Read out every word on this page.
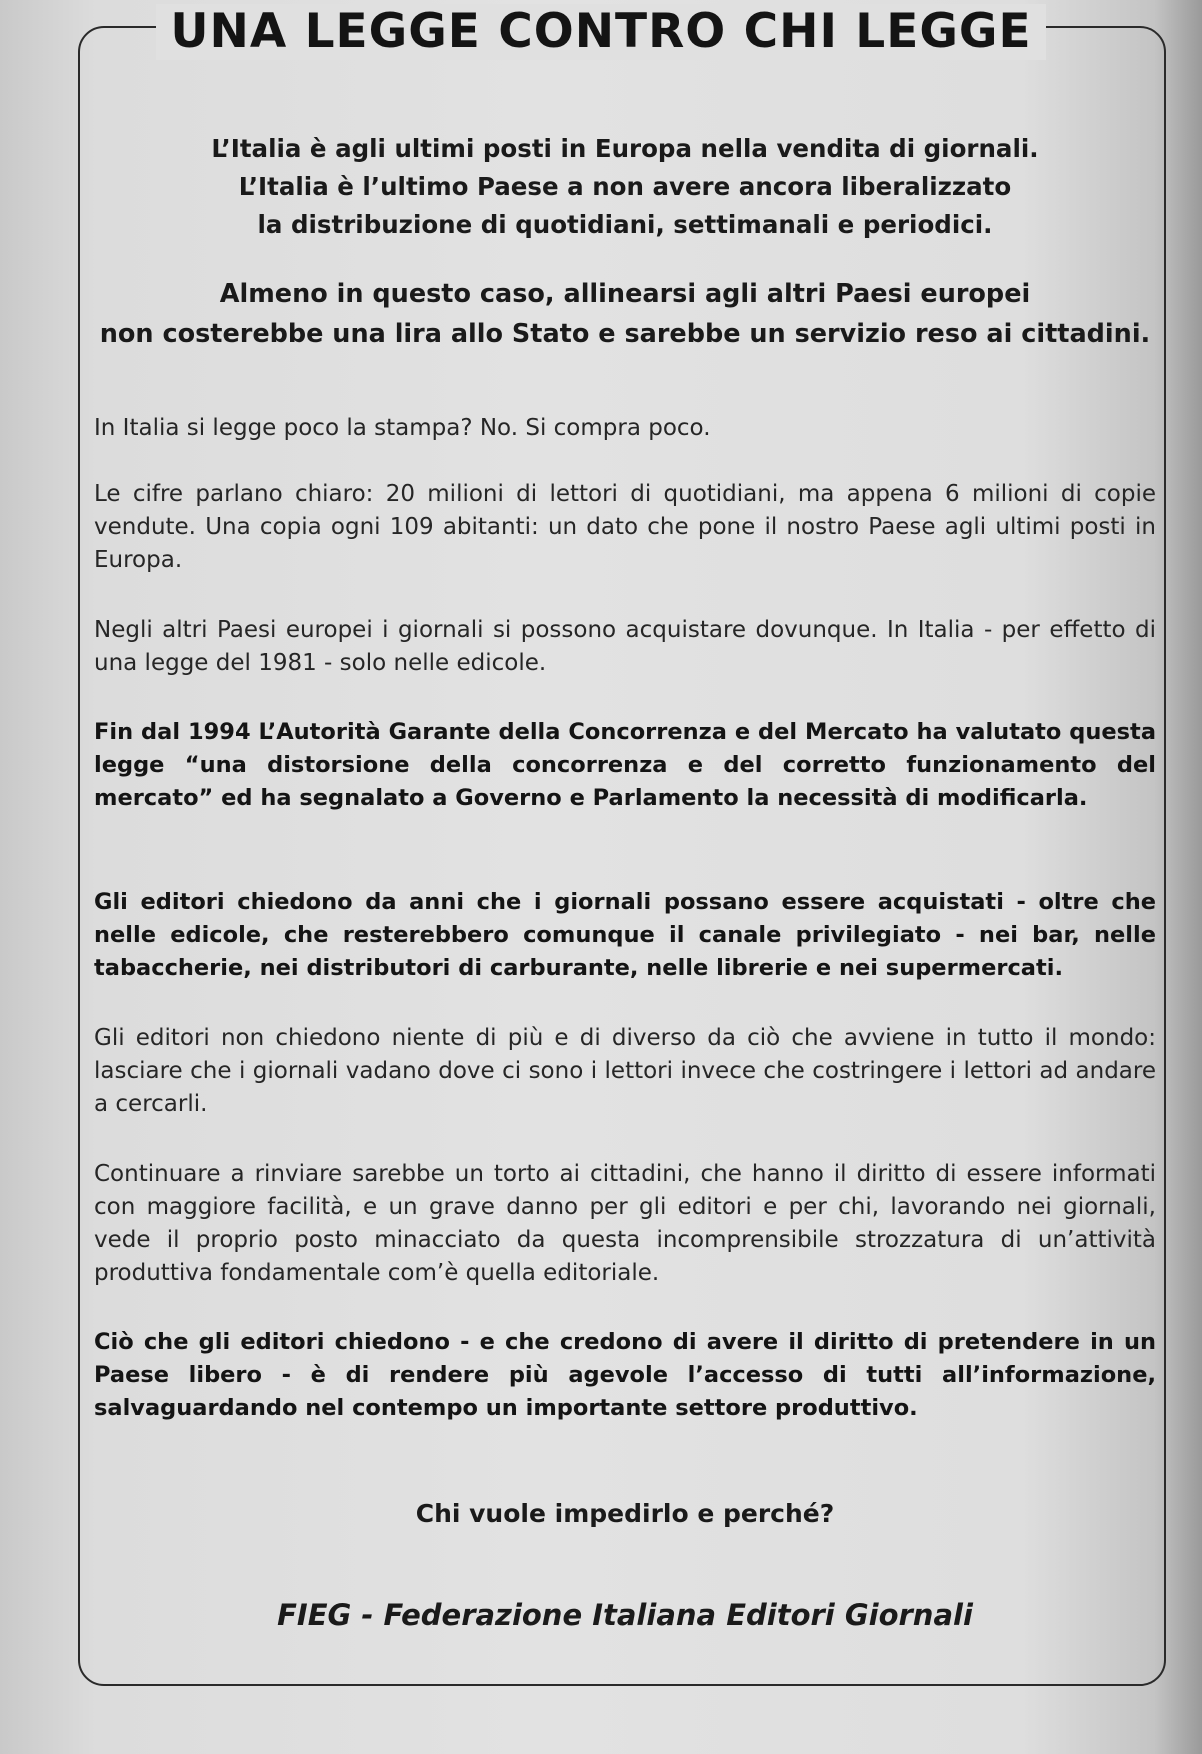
UNA LEGGE CONTRO CHI LEGGE

L’Italia è agli ultimi posti in Europa nella vendita di giornali.

L’Italia è l’ultimo Paese a non avere ancora liberalizzato

la distribuzione di quotidiani, settimanali e periodici.

Almeno in questo caso, allinearsi agli altri Paesi europei

non costerebbe una lira allo Stato e sarebbe un servizio reso ai cittadini.

In Italia si legge poco la stampa? No. Si compra poco.

Le cifre parlano chiaro: 20 milioni di lettori di quotidiani, ma appena 6 milioni di copie vendute. Una copia ogni 109 abitanti: un dato che pone il nostro Paese agli ultimi posti in Europa.

Negli altri Paesi europei i giornali si possono acquistare dovunque. In Italia - per effetto di una legge del 1981 - solo nelle edicole.

Fin dal 1994 L’Autorità Garante della Concorrenza e del Mercato ha valutato questa legge “una distorsione della concorrenza e del corretto funzionamento del mercato” ed ha segnalato a Governo e Parlamento la necessità di modificarla.

Gli editori chiedono da anni che i giornali possano essere acquistati - oltre che nelle edicole, che resterebbero comunque il canale privilegiato - nei bar, nelle tabaccherie, nei distributori di carburante, nelle librerie e nei supermercati.

Gli editori non chiedono niente di più e di diverso da ciò che avviene in tutto il mondo: lasciare che i giornali vadano dove ci sono i lettori invece che costringere i lettori ad andare a cercarli.

Continuare a rinviare sarebbe un torto ai cittadini, che hanno il diritto di essere informati con maggiore facilità, e un grave danno per gli editori e per chi, lavorando nei giornali, vede il proprio posto minacciato da questa incomprensibile strozzatura di un’attività produttiva fondamentale com’è quella editoriale.

Ciò che gli editori chiedono - e che credono di avere il diritto di pretendere in un Paese libero - è di rendere più agevole l’accesso di tutti all’informazione, salvaguardando nel contempo un importante settore produttivo.

Chi vuole impedirlo e perché?

FIEG - Federazione Italiana Editori Giornali
